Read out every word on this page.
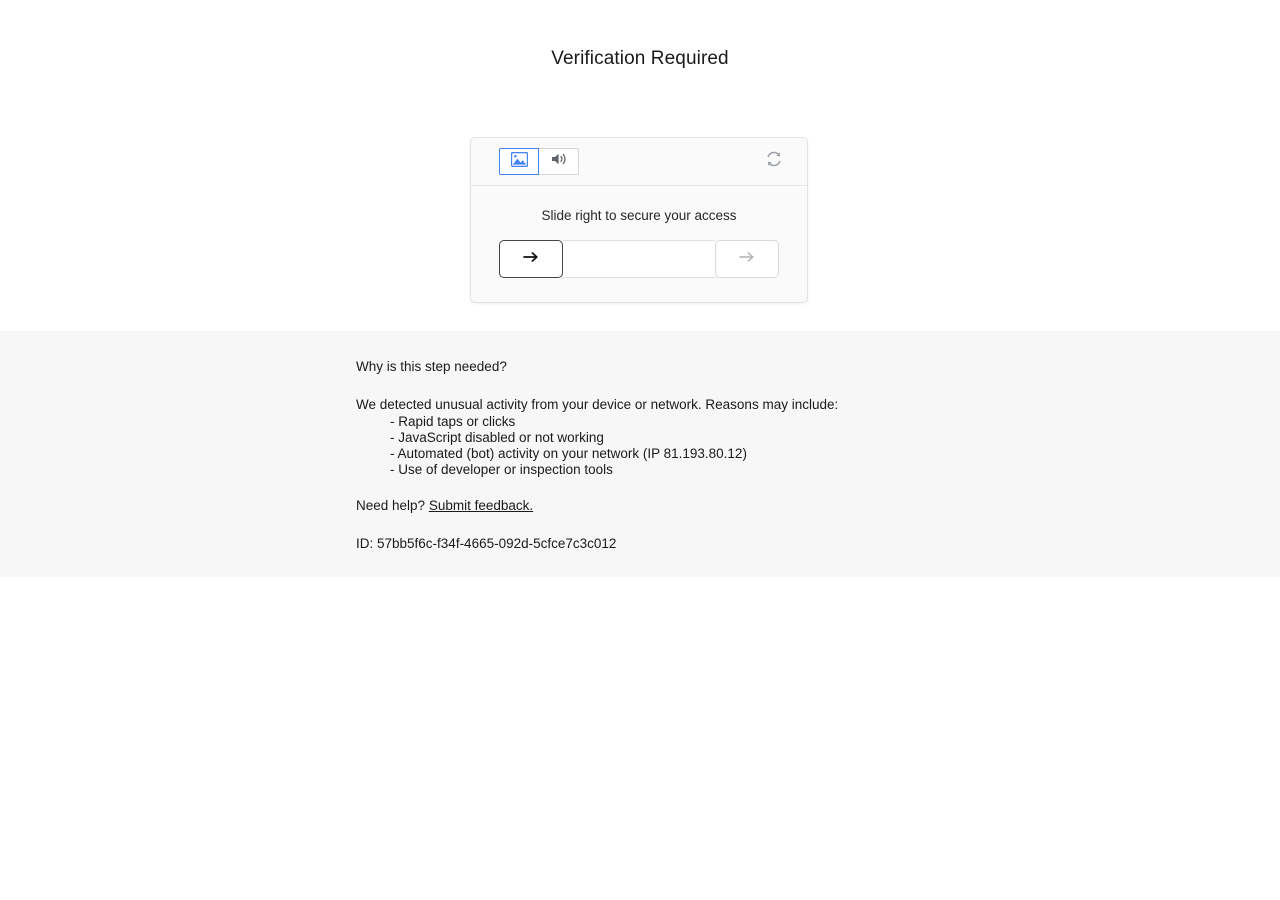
Verification Required
Slide right to secure your access

Why is this step needed?

We detected unusual activity from your device or network. Reasons may include:

- Rapid taps or clicks
- JavaScript disabled or not working
- Automated (bot) activity on your network (IP 81.193.80.12)
- Use of developer or inspection tools

Need help? Submit feedback.

ID: 57bb5f6c-f34f-4665-092d-5cfce7c3c012
